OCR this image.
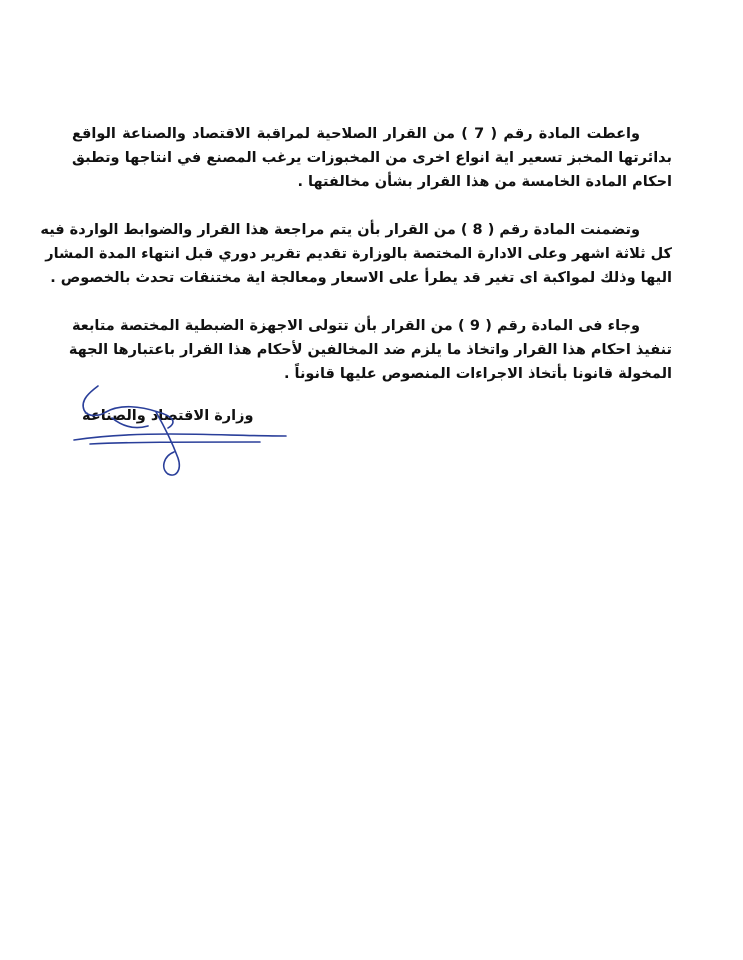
واعطت المادة رقم ( 7 ) من القرار الصلاحية لمراقبة الاقتصاد والصناعة الواقع
بدائرتها المخبز تسعير اية انواع اخرى من المخبوزات يرغب المصنع في انتاجها وتطبق
احكام المادة الخامسة من هذا القرار بشأن مخالفتها .

وتضمنت المادة رقم ( 8 ) من القرار بأن يتم مراجعة هذا القرار والضوابط الواردة فيه
كل ثلاثة اشهر وعلى الادارة المختصة بالوزارة تقديم تقرير دوري قبل انتهاء المدة المشار
اليها وذلك لمواكبة اى تغير قد يطرأ على الاسعار ومعالجة اية مختنقات تحدث بالخصوص .

وجاء فى المادة رقم ( 9 ) من القرار بأن تتولى الاجهزة الضبطية المختصة متابعة
تنفيذ احكام هذا القرار واتخاذ ما يلزم ضد المخالفين لأحكام هذا القرار باعتبارها الجهة
المخولة قانونا بأتخاذ الاجراءات المنصوص عليها قانوناً .

وزارة الاقتصاد والصناعة
